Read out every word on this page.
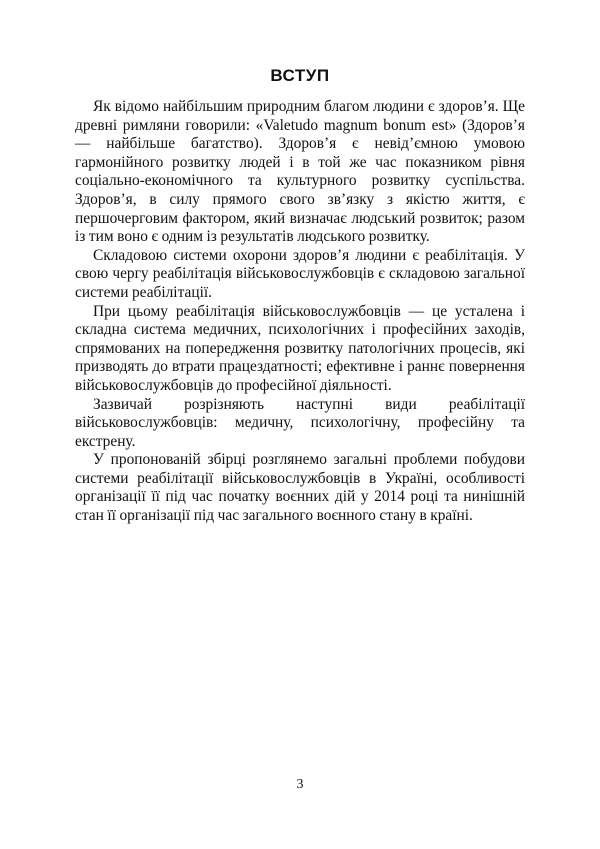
ВСТУП

Як відомо найбільшим природним благом людини є здоров’я. Ще древні римляни говорили: «Valetudo magnum bonum est» (Здоров’я — найбільше багатство). Здоров’я є невід’ємною умовою гармонійного розвитку людей і в той же час показником рівня соціально-економічного та культурного розвитку суспільства. Здоров’я, в силу прямого свого зв’язку з якістю життя, є першочерговим фактором, який визначає людський розвиток; разом із тим воно є одним із результатів людського розвитку.

Складовою системи охорони здоров’я людини є реабілітація. У свою чергу реабілітація військовослужбовців є складовою загальної системи реабілітації.

При цьому реабілітація військовослужбовців — це усталена і складна система медичних, психологічних і професійних заходів, спрямованих на попередження розвитку патологічних процесів, які призводять до втрати працездатності; ефективне і раннє повернення військовослужбовців до професійної діяльності.

Зазвичай розрізняють наступні види реабілітації військовослужбовців: медичну, психологічну, професійну та екстрену.

У пропонованій збірці розглянемо загальні проблеми побудови системи реабілітації військовослужбовців в Україні, особливості організації її під час початку воєнних дій у 2014 році та нинішній стан її організації під час загального воєнного стану в країні.

3
